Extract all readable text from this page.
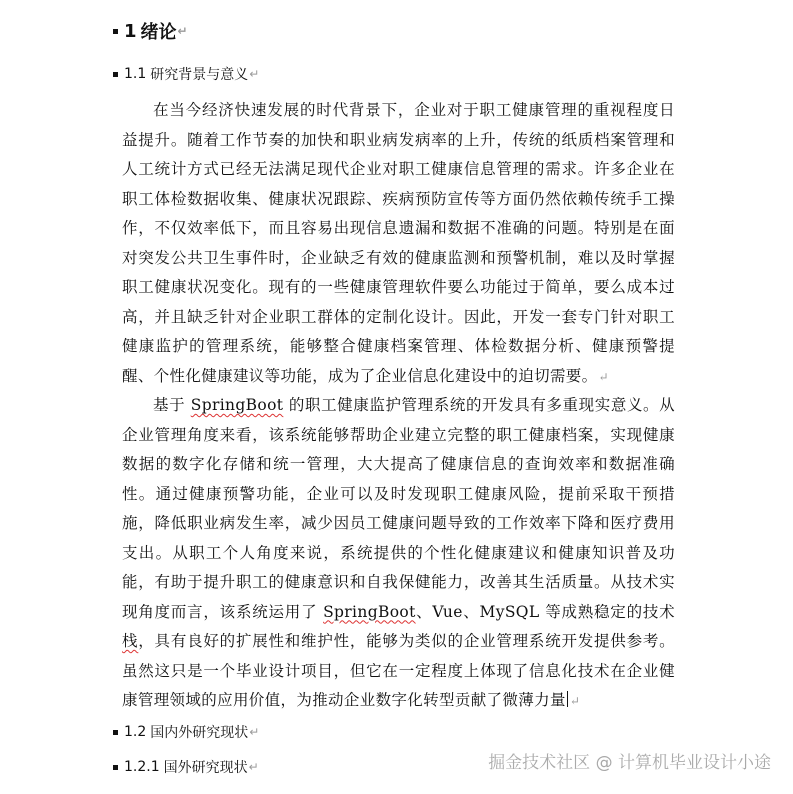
1 绪论 ↵
1.1 研究背景与意义 ↵

在当今经济快速发展的时代背景下，企业对于职工健康管理的重视程度日益提升。随着工作节奏的加快和职业病发病率的上升，传统的纸质档案管理和人工统计方式已经无法满足现代企业对职工健康信息管理的需求。许多企业在职工体检数据收集、健康状况跟踪、疾病预防宣传等方面仍然依赖传统手工操作，不仅效率低下，而且容易出现信息遗漏和数据不准确的问题。特别是在面对突发公共卫生事件时，企业缺乏有效的健康监测和预警机制，难以及时掌握职工健康状况变化。现有的一些健康管理软件要么功能过于简单，要么成本过高，并且缺乏针对企业职工群体的定制化设计。因此，开发一套专门针对职工健康监护的管理系统，能够整合健康档案管理、体检数据分析、健康预警提醒、个性化健康建议等功能，成为了企业信息化建设中的迫切需要。↵

基于 SpringBoot 的职工健康监护管理系统的开发具有多重现实意义。从企业管理角度来看，该系统能够帮助企业建立完整的职工健康档案，实现健康数据的数字化存储和统一管理，大大提高了健康信息的查询效率和数据准确性。通过健康预警功能，企业可以及时发现职工健康风险，提前采取干预措施，降低职业病发生率，减少因员工健康问题导致的工作效率下降和医疗费用支出。从职工个人角度来说，系统提供的个性化健康建议和健康知识普及功能，有助于提升职工的健康意识和自我保健能力，改善其生活质量。从技术实现角度而言，该系统运用了 SpringBoot、Vue、MySQL 等成熟稳定的技术栈，具有良好的扩展性和维护性，能够为类似的企业管理系统开发提供参考。虽然这只是一个毕业设计项目，但它在一定程度上体现了信息化技术在企业健康管理领域的应用价值，为推动企业数字化转型贡献了微薄力量 ↵

1.2 国内外研究现状 ↵
1.2.1 国外研究现状 ↵	掘金技术社区 @ 计算机毕业设计小途
